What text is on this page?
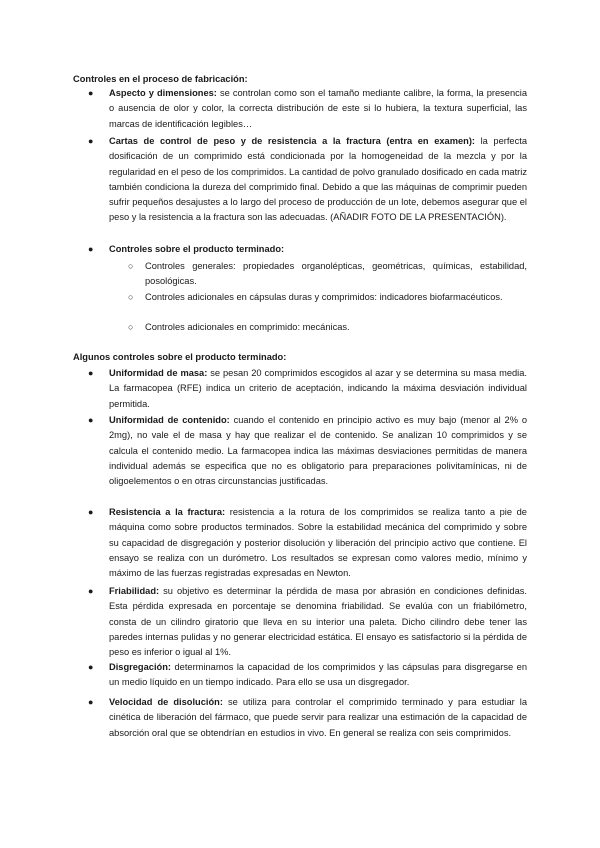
Controles en el proceso de fabricación:
● Aspecto y dimensiones: se controlan como son el tamaño mediante calibre, la forma, la presencia o ausencia de olor y color, la correcta distribución de este si lo hubiera, la textura superficial, las marcas de identificación legibles…
● Cartas de control de peso y de resistencia a la fractura (entra en examen): la perfecta dosificación de un comprimido está condicionada por la homogeneidad de la mezcla y por la regularidad en el peso de los comprimidos. La cantidad de polvo granulado dosificado en cada matriz también condiciona la dureza del comprimido final. Debido a que las máquinas de comprimir pueden sufrir pequeños desajustes a lo largo del proceso de producción de un lote, debemos asegurar que el peso y la resistencia a la fractura son las adecuadas. (AÑADIR FOTO DE LA PRESENTACIÓN).
● Controles sobre el producto terminado:
○ Controles generales: propiedades organolépticas, geométricas, químicas, estabilidad, posológicas.
○ Controles adicionales en cápsulas duras y comprimidos: indicadores biofarmacéuticos.
○ Controles adicionales en comprimido: mecánicas.
Algunos controles sobre el producto terminado:
● Uniformidad de masa: se pesan 20 comprimidos escogidos al azar y se determina su masa media. La farmacopea (RFE) indica un criterio de aceptación, indicando la máxima desviación individual permitida.
● Uniformidad de contenido: cuando el contenido en principio activo es muy bajo (menor al 2% o 2mg), no vale el de masa y hay que realizar el de contenido. Se analizan 10 comprimidos y se calcula el contenido medio. La farmacopea indica las máximas desviaciones permitidas de manera individual además se especifica que no es obligatorio para preparaciones polivitamínicas, ni de oligoelementos o en otras circunstancias justificadas.
● Resistencia a la fractura: resistencia a la rotura de los comprimidos se realiza tanto a pie de máquina como sobre productos terminados. Sobre la estabilidad mecánica del comprimido y sobre su capacidad de disgregación y posterior disolución y liberación del principio activo que contiene. El ensayo se realiza con un durómetro. Los resultados se expresan como valores medio, mínimo y máximo de las fuerzas registradas expresadas en Newton.
● Friabilidad: su objetivo es determinar la pérdida de masa por abrasión en condiciones definidas. Esta pérdida expresada en porcentaje se denomina friabilidad. Se evalúa con un friabilómetro, consta de un cilindro giratorio que lleva en su interior una paleta. Dicho cilindro debe tener las paredes internas pulidas y no generar electricidad estática. El ensayo es satisfactorio si la pérdida de peso es inferior o igual al 1%.
● Disgregación: determinamos la capacidad de los comprimidos y las cápsulas para disgregarse en un medio líquido en un tiempo indicado. Para ello se usa un disgregador.
● Velocidad de disolución: se utiliza para controlar el comprimido terminado y para estudiar la cinética de liberación del fármaco, que puede servir para realizar una estimación de la capacidad de absorción oral que se obtendrían en estudios in vivo. En general se realiza con seis comprimidos.
